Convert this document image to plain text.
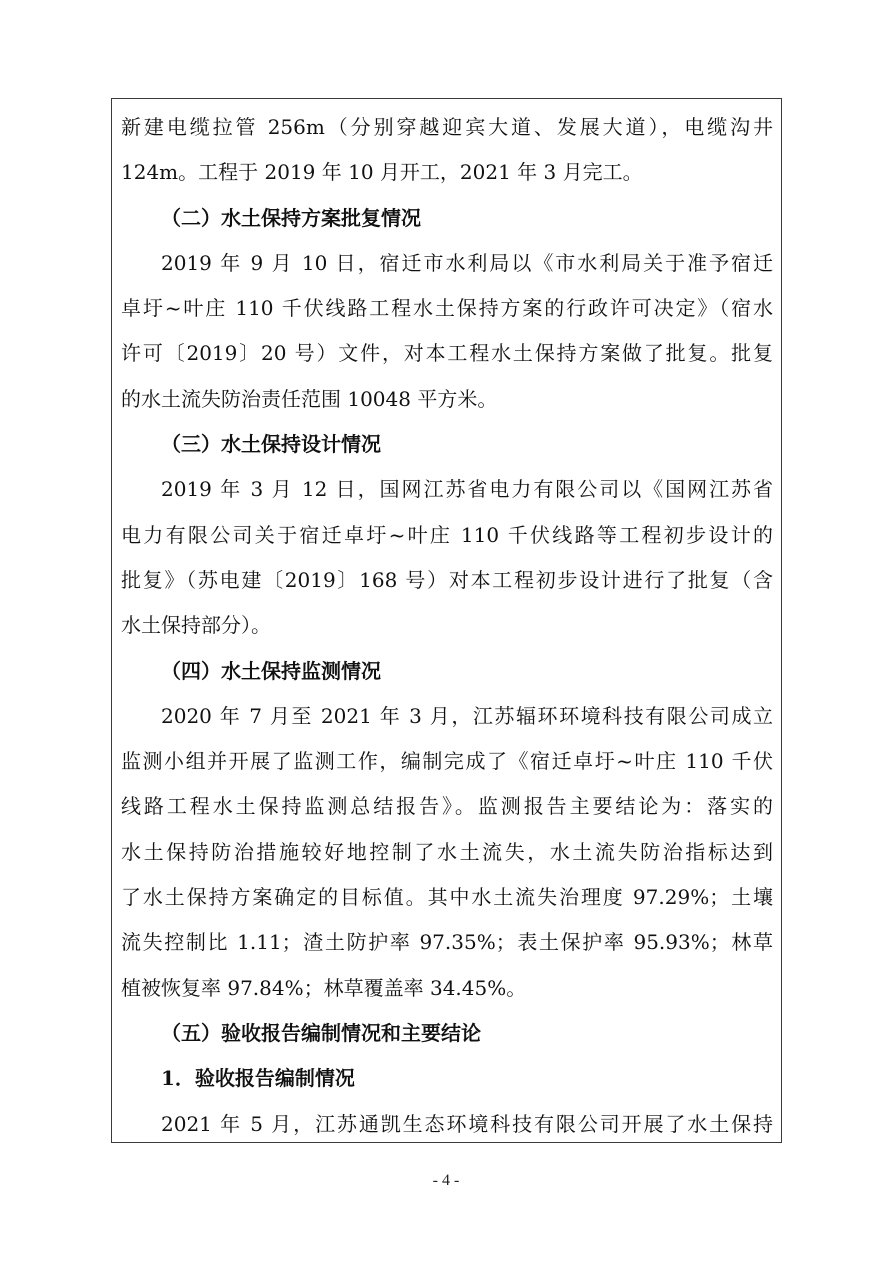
新建电缆拉管 256m（分别穿越迎宾大道、发展大道），电缆沟井
124m。工程于 2019 年 10 月开工，2021 年 3 月完工。
（二）水土保持方案批复情况
2019 年 9 月 10 日，宿迁市水利局以《市水利局关于准予宿迁
卓圩~叶庄 110 千伏线路工程水土保持方案的行政许可决定》（宿水
许可〔2019〕20 号）文件，对本工程水土保持方案做了批复。批复
的水土流失防治责任范围 10048 平方米。
（三）水土保持设计情况
2019 年 3 月 12 日，国网江苏省电力有限公司以《国网江苏省
电力有限公司关于宿迁卓圩~叶庄 110 千伏线路等工程初步设计的
批复》（苏电建〔2019〕168 号）对本工程初步设计进行了批复（含
水土保持部分）。
（四）水土保持监测情况
2020 年 7 月至 2021 年 3 月，江苏辐环环境科技有限公司成立
监测小组并开展了监测工作，编制完成了《宿迁卓圩~叶庄 110 千伏
线路工程水土保持监测总结报告》。监测报告主要结论为：落实的
水土保持防治措施较好地控制了水土流失，水土流失防治指标达到
了水土保持方案确定的目标值。其中水土流失治理度 97.29%；土壤
流失控制比 1.11；渣土防护率 97.35%；表土保护率 95.93%；林草
植被恢复率 97.84%；林草覆盖率 34.45%。
（五）验收报告编制情况和主要结论
1．验收报告编制情况
2021 年 5 月，江苏通凯生态环境科技有限公司开展了水土保持
- 4 -
